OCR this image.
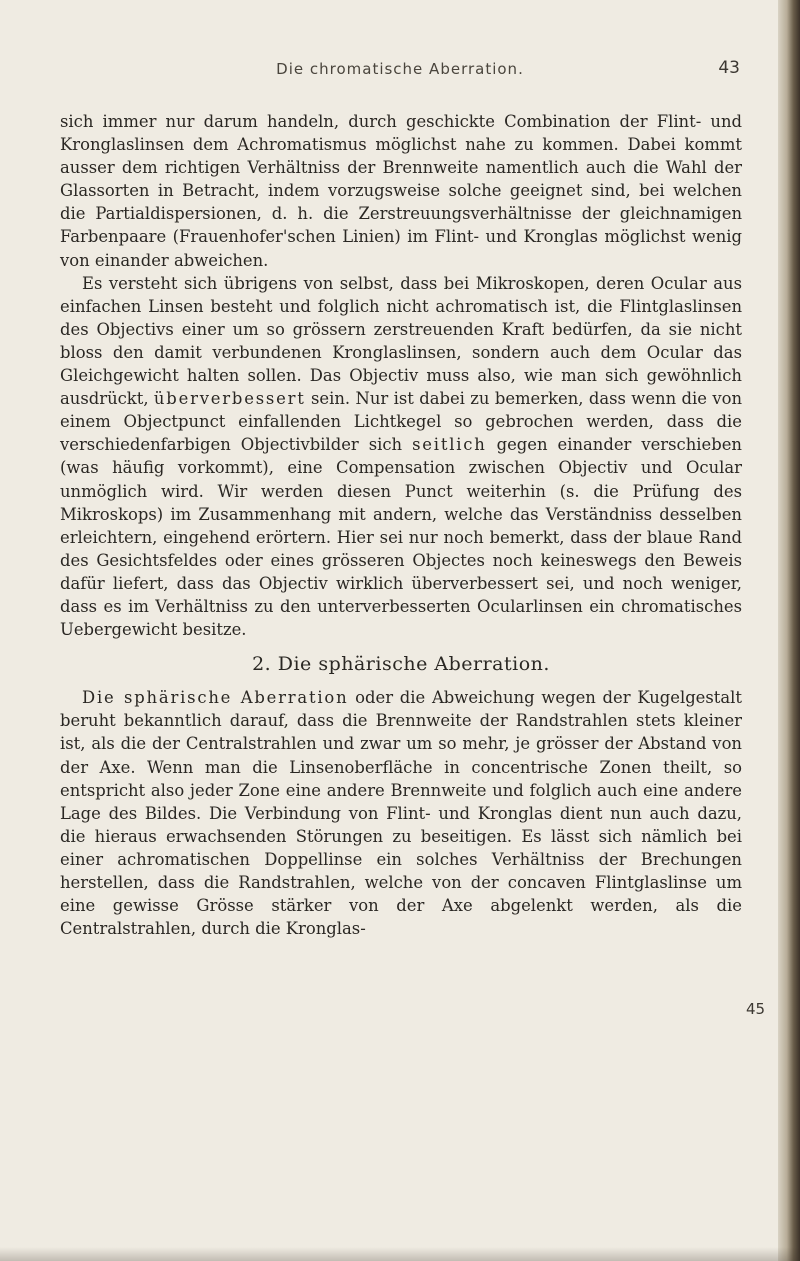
Die chromatische Aberration.	43

sich immer nur darum handeln, durch geschickte Combination der Flint- und Kronglaslinsen dem Achromatismus möglichst nahe zu kommen. Dabei kommt ausser dem richtigen Verhältniss der Brennweite namentlich auch die Wahl der Glassorten in Betracht, indem vorzugsweise solche geeignet sind, bei welchen die Partialdispersionen, d. h. die Zerstreuungsverhältnisse der gleichnamigen Farbenpaare (Frauenhofer'schen Linien) im Flint- und Kronglas möglichst wenig von einander abweichen.

Es versteht sich übrigens von selbst, dass bei Mikroskopen, deren Ocular aus einfachen Linsen besteht und folglich nicht achromatisch ist, die Flintglaslinsen des Objectivs einer um so grössern zerstreuenden Kraft bedürfen, da sie nicht bloss den damit verbundenen Kronglaslinsen, sondern auch dem Ocular das Gleichgewicht halten sollen. Das Objectiv muss also, wie man sich gewöhnlich ausdrückt, überverbessert sein. Nur ist dabei zu bemerken, dass wenn die von einem Objectpunct einfallenden Lichtkegel so gebrochen werden, dass die verschiedenfarbigen Objectivbilder sich seitlich gegen einander verschieben (was häufig vorkommt), eine Compensation zwischen Objectiv und Ocular unmöglich wird. Wir werden diesen Punct weiterhin (s. die Prüfung des Mikroskops) im Zusammenhang mit andern, welche das Verständniss desselben erleichtern, eingehend erörtern. Hier sei nur noch bemerkt, dass der blaue Rand des Gesichtsfeldes oder eines grösseren Objectes noch keineswegs den Beweis dafür liefert, dass das Objectiv wirklich überverbessert sei, und noch weniger, dass es im Verhältniss zu den unterverbesserten Ocularlinsen ein chromatisches Uebergewicht besitze.

2. Die sphärische Aberration.

Die sphärische Aberration oder die Abweichung wegen der Kugelgestalt beruht bekanntlich darauf, dass die Brennweite der Randstrahlen stets kleiner ist, als die der Centralstrahlen und zwar um so mehr, je grösser der Abstand von der Axe. Wenn man die Linsenoberfläche in concentrische Zonen theilt, so entspricht also jeder Zone eine andere Brennweite und folglich auch eine andere Lage des Bildes. Die Verbindung von Flint- und Kronglas dient nun auch dazu, die hieraus erwachsenden Störungen zu beseitigen. Es lässt sich nämlich bei einer achromatischen Doppellinse ein solches Verhältniss der Brechungen herstellen, dass die Randstrahlen, welche von der concaven Flintglaslinse um eine gewisse Grösse stärker von der Axe abgelenkt werden, als die Centralstrahlen, durch die Kronglas-

45
